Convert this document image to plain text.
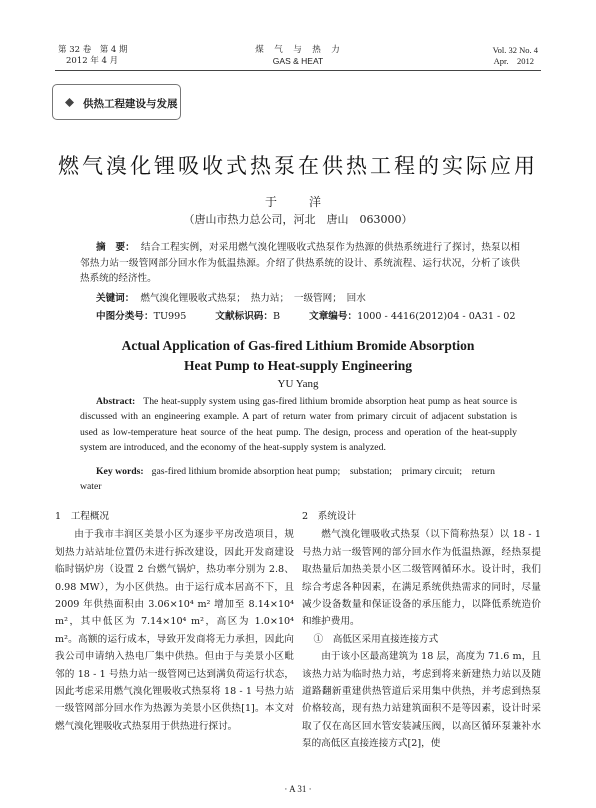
第 32 卷　第 4 期
2012 年 4 月
煤　气　与　热　力
GAS & HEAT
Vol. 32 No. 4
Apr.　2012
供热工程建设与发展
燃气溴化锂吸收式热泵在供热工程的实际应用
于　洋
（唐山市热力总公司，河北　唐山　063000）
摘　要： 结合工程实例，对采用燃气溴化锂吸收式热泵作为热源的供热系统进行了探讨，热泵以相邻热力站一级管网部分回水作为低温热源。介绍了供热系统的设计、系统流程、运行状况，分析了该供热系统的经济性。
关键词： 燃气溴化锂吸收式热泵；　热力站；　一级管网；　回水
中图分类号：TU995	文献标识码：B	文章编号：1000 - 4416(2012)04 - 0A31 - 02
Actual Application of Gas-fired Lithium Bromide Absorption
Heat Pump to Heat-supply Engineering
YU Yang
Abstract: The heat-supply system using gas-fired lithium bromide absorption heat pump as heat source is discussed with an engineering example. A part of return water from primary circuit of adjacent substation is used as low-temperature heat source of the heat pump. The design, process and operation of the heat-supply system are introduced, and the economy of the heat-supply system is analyzed.
Key words: gas-fired lithium bromide absorption heat pump;　substation;　primary circuit;　return water
1　工程概况

由于我市丰润区美景小区为逐步平房改造项目，规划热力站站址位置仍未进行拆改建设，因此开发商建设临时锅炉房（设置 2 台燃气锅炉，热功率分别为 2.8、0.98 MW），为小区供热。由于运行成本居高不下，且2009 年供热面积由 3.06×10⁴ m² 增加至 8.14×10⁴ m²，其中低区为 7.14×10⁴ m²，高区为 1.0×10⁴ m²。高额的运行成本，导致开发商将无力承担，因此向我公司申请纳入热电厂集中供热。但由于与美景小区毗邻的 18 - 1 号热力站一级管网已达到满负荷运行状态，因此考虑采用燃气溴化锂吸收式热泵将 18 - 1 号热力站一级管网部分回水作为热源为美景小区供热[1]。本文对燃气溴化锂吸收式热泵用于供热进行探讨。

2　系统设计

燃气溴化锂吸收式热泵（以下简称热泵）以 18 - 1 号热力站一级管网的部分回水作为低温热源，经热泵提取热量后加热美景小区二级管网循环水。设计时，我们综合考虑各种因素，在满足系统供热需求的同时，尽量减少设备数量和保证设备的承压能力，以降低系统造价和维护费用。

①　高低区采用直接连接方式

由于该小区最高建筑为 18 层，高度为 71.6 m，且该热力站为临时热力站，考虑到将来新建热力站以及随道路翻新重建供热管道后采用集中供热，并考虑到热泵价格较高，现有热力站建筑面积不是等因素，设计时采取了仅在高区回水管安装减压阀，以高区循环泵兼补水泵的高低区直接连接方式[2]，使

· A 31 ·
